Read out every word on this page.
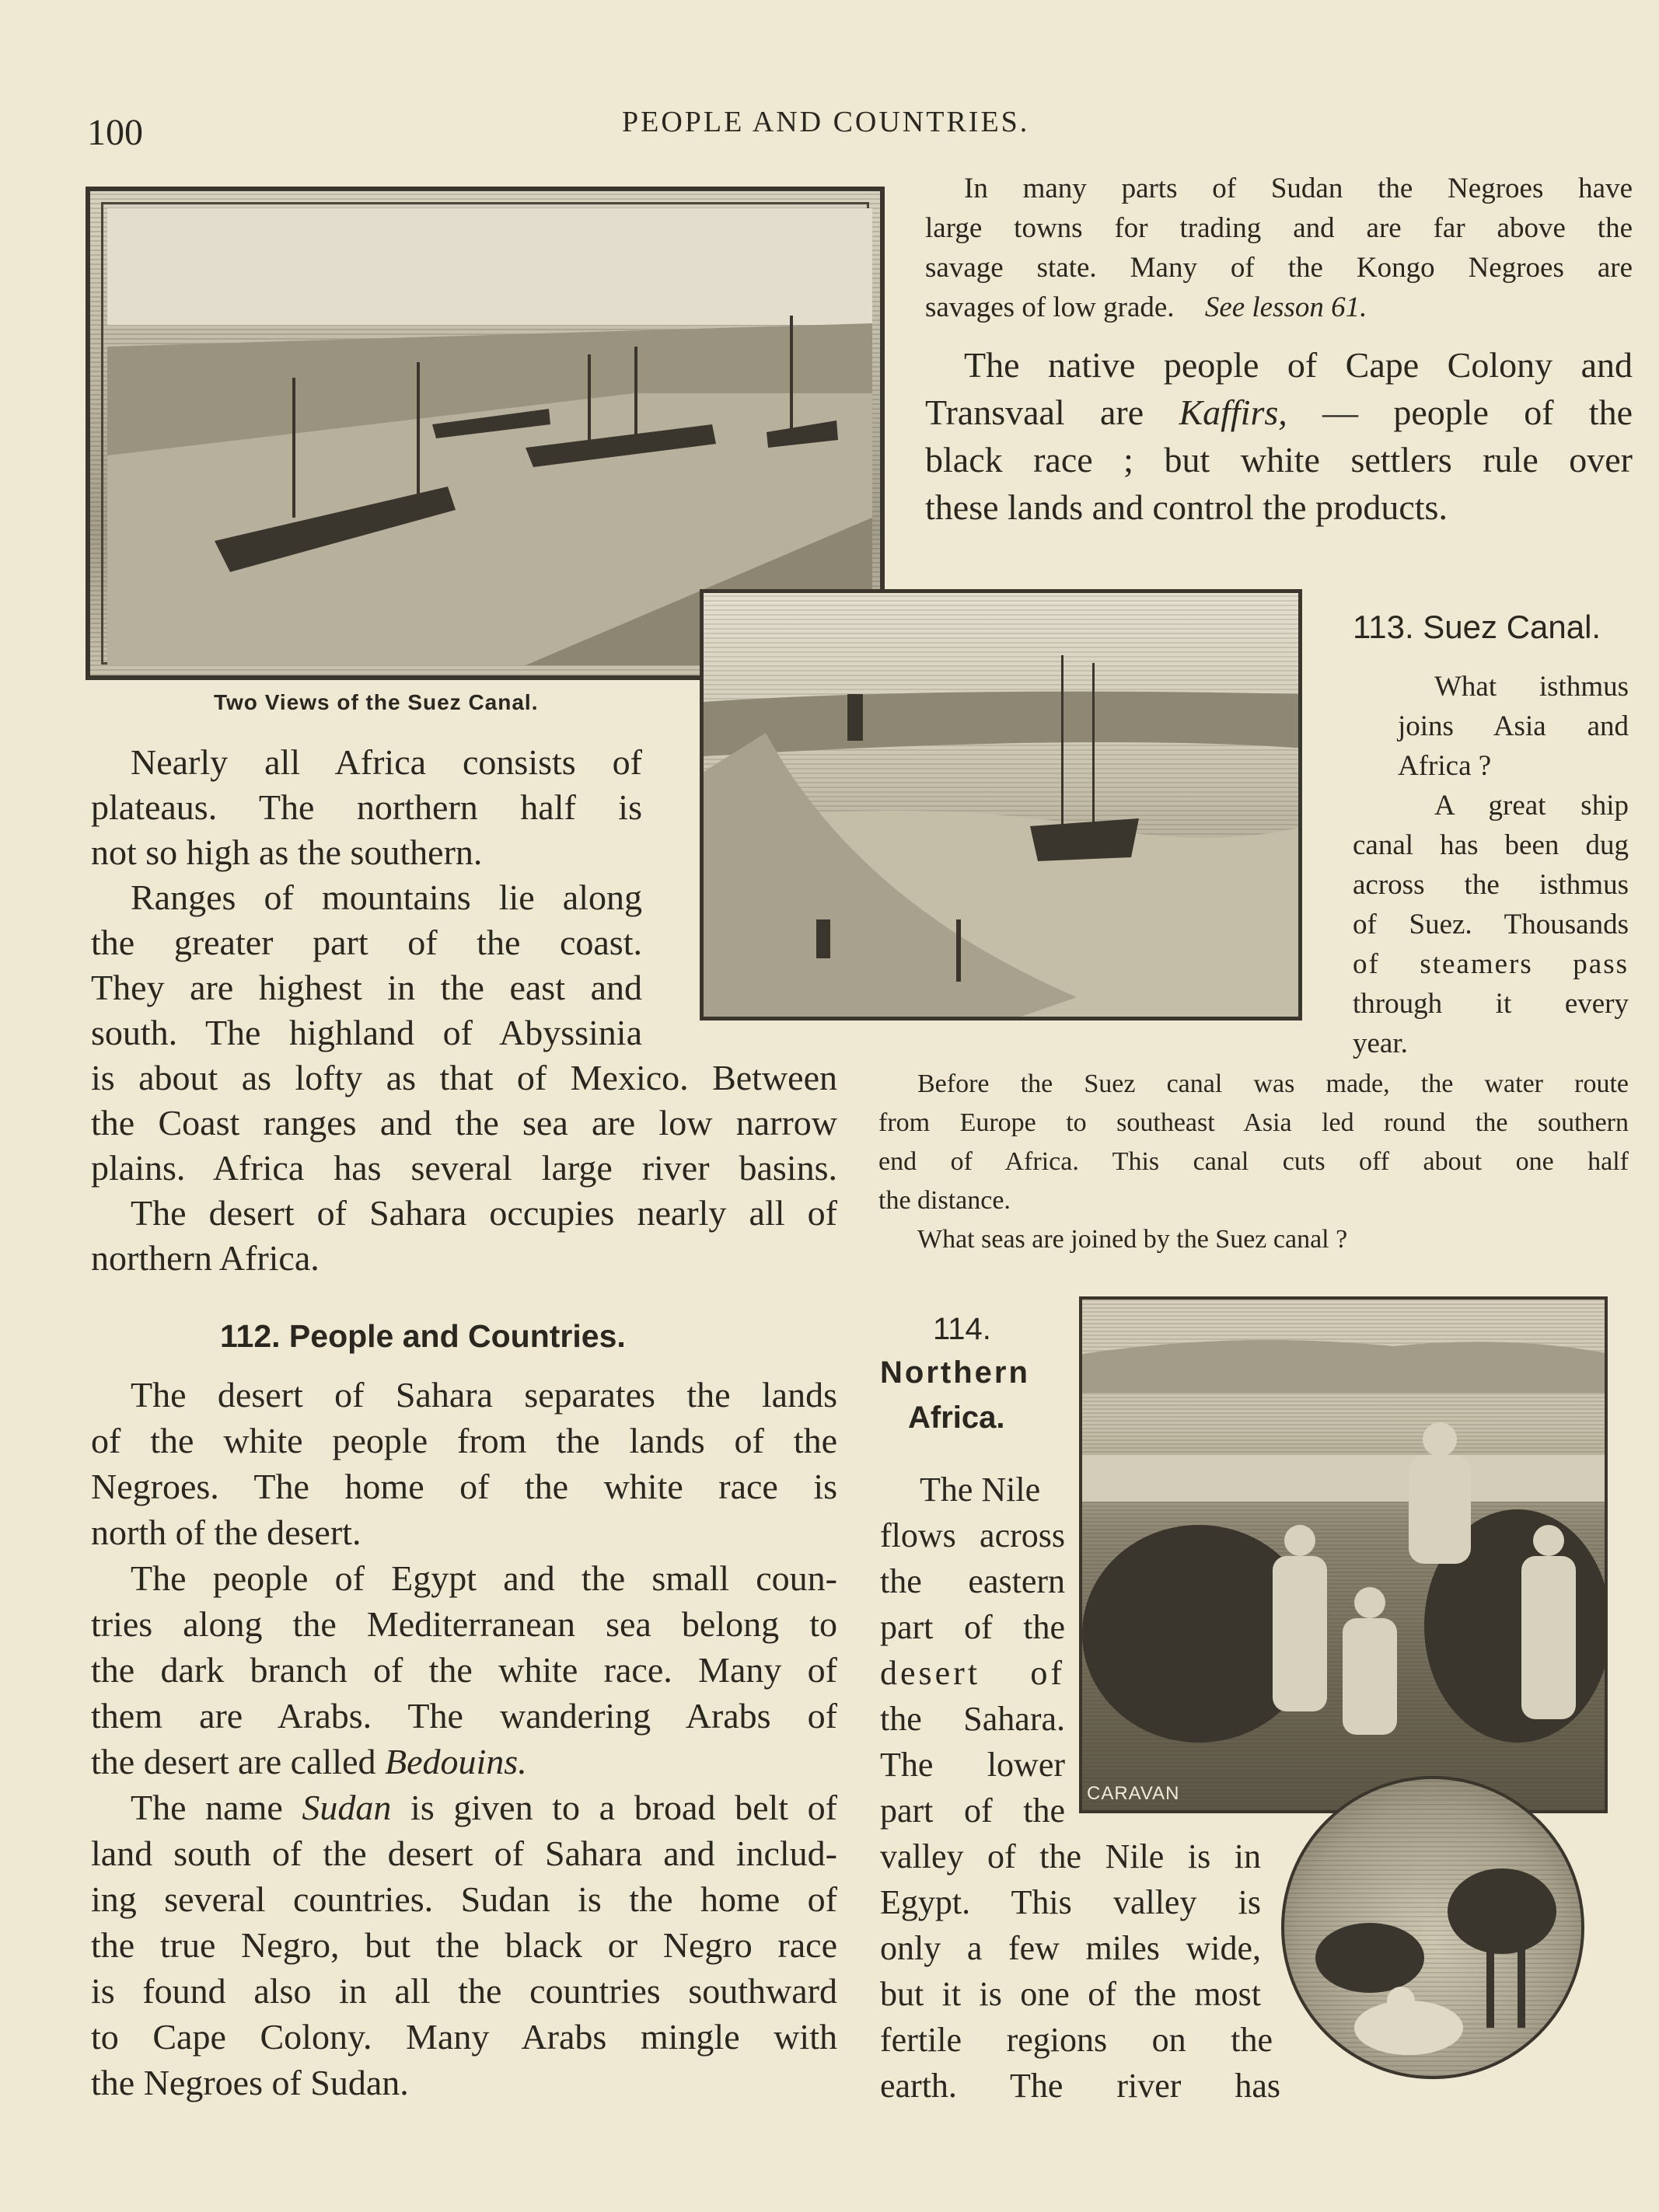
100	PEOPLE AND COUNTRIES.
Two Views of the Suez Canal.
In many parts of Sudan the Negroes have
large towns for trading and are far above the
savage state. Many of the Kongo Negroes are
savages of low grade. See lesson 61.
The native people of Cape Colony and
Transvaal are Kaffirs, — people of the
black race ; but white settlers rule over
these lands and control the products.
113. Suez Canal.
What isthmus
joins Asia and
Africa ?
A great ship
canal has been dug
across the isthmus
of Suez. Thousands
of steamers pass
through it every
year.
Before the Suez canal was made, the water route
from Europe to southeast Asia led round the southern
end of Africa. This canal cuts off about one half
the distance.
What seas are joined by the Suez canal ?
Nearly all Africa consists of
plateaus. The northern half is
not so high as the southern.
Ranges of mountains lie along
the greater part of the coast.
They are highest in the east and
south. The highland of Abyssinia
is about as lofty as that of Mexico. Between
the Coast ranges and the sea are low narrow
plains. Africa has several large river basins.
The desert of Sahara occupies nearly all of
northern Africa.
112. People and Countries.
The desert of Sahara separates the lands
of the white people from the lands of the
Negroes. The home of the white race is
north of the desert.
The people of Egypt and the small coun-
tries along the Mediterranean sea belong to
the dark branch of the white race. Many of
them are Arabs. The wandering Arabs of
the desert are called Bedouins.
The name Sudan is given to a broad belt of
land south of the desert of Sahara and includ-
ing several countries. Sudan is the home of
the true Negro, but the black or Negro race
is found also in all the countries southward
to Cape Colony. Many Arabs mingle with
the Negroes of Sudan.
114.
Northern
Africa.
CARAVAN
The Nile
flows across
the eastern
part of the
desert of
the Sahara.
The lower
part of the
valley of the Nile is in
Egypt. This valley is
only a few miles wide,
but it is one of the most
fertile regions on the
earth. The river has
